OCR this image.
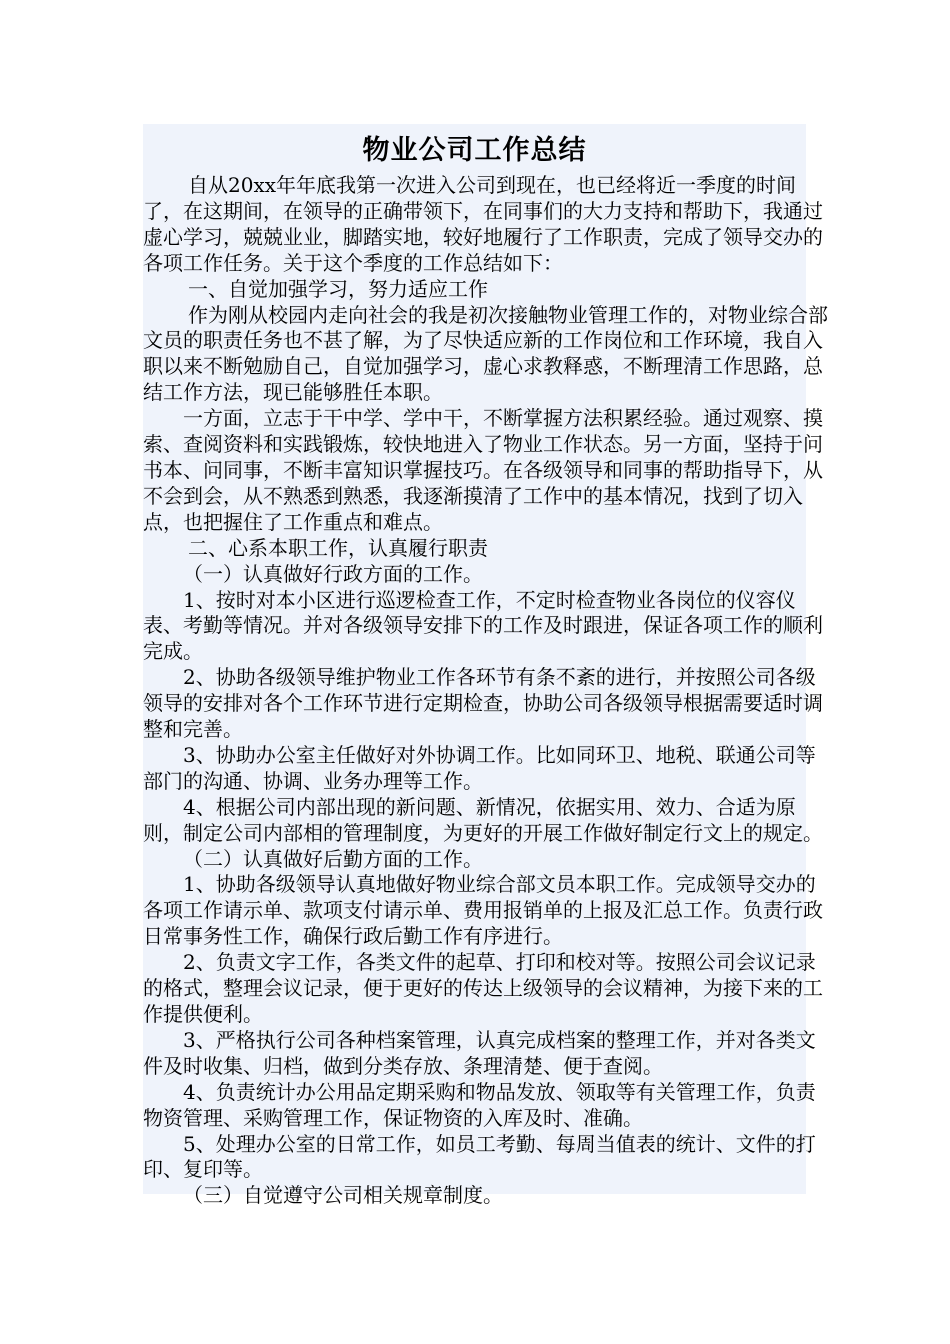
物业公司工作总结

自从20xx年年底我第一次进入公司到现在，也已经将近一季度的时间了，在这期间，在领导的正确带领下，在同事们的大力支持和帮助下，我通过虚心学习，兢兢业业，脚踏实地，较好地履行了工作职责，完成了领导交办的各项工作任务。关于这个季度的工作总结如下：

一、自觉加强学习，努力适应工作

作为刚从校园内走向社会的我是初次接触物业管理工作的，对物业综合部文员的职责任务也不甚了解，为了尽快适应新的工作岗位和工作环境，我自入职以来不断勉励自己，自觉加强学习，虚心求教释惑，不断理清工作思路，总结工作方法，现已能够胜任本职。

一方面，立志于干中学、学中干，不断掌握方法积累经验。通过观察、摸索、查阅资料和实践锻炼，较快地进入了物业工作状态。另一方面，坚持于问书本、问同事，不断丰富知识掌握技巧。在各级领导和同事的帮助指导下，从不会到会，从不熟悉到熟悉，我逐渐摸清了工作中的基本情况，找到了切入点，也把握住了工作重点和难点。

二、心系本职工作，认真履行职责

（一）认真做好行政方面的工作。

1、按时对本小区进行巡逻检查工作，不定时检查物业各岗位的仪容仪表、考勤等情况。并对各级领导安排下的工作及时跟进，保证各项工作的顺利完成。

2、协助各级领导维护物业工作各环节有条不紊的进行，并按照公司各级领导的安排对各个工作环节进行定期检查，协助公司各级领导根据需要适时调整和完善。

3、协助办公室主任做好对外协调工作。比如同环卫、地税、联通公司等部门的沟通、协调、业务办理等工作。

4、根据公司内部出现的新问题、新情况，依据实用、效力、合适为原则，制定公司内部相的管理制度，为更好的开展工作做好制定行文上的规定。

（二）认真做好后勤方面的工作。

1、协助各级领导认真地做好物业综合部文员本职工作。完成领导交办的各项工作请示单、款项支付请示单、费用报销单的上报及汇总工作。负责行政日常事务性工作，确保行政后勤工作有序进行。

2、负责文字工作，各类文件的起草、打印和校对等。按照公司会议记录的格式，整理会议记录，便于更好的传达上级领导的会议精神，为接下来的工作提供便利。

3、严格执行公司各种档案管理，认真完成档案的整理工作，并对各类文件及时收集、归档，做到分类存放、条理清楚、便于查阅。

4、负责统计办公用品定期采购和物品发放、领取等有关管理工作，负责物资管理、采购管理工作，保证物资的入库及时、准确。

5、处理办公室的日常工作，如员工考勤、每周当值表的统计、文件的打印、复印等。

（三）自觉遵守公司相关规章制度。
